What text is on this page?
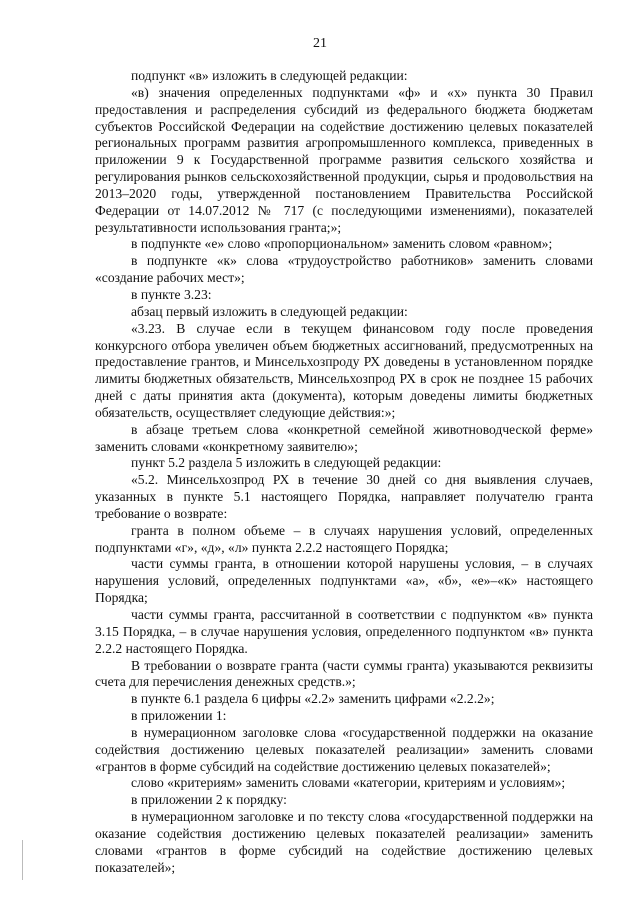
21

подпункт «в» изложить в следующей редакции:

«в) значения определенных подпунктами «ф» и «х» пункта 30 Правил предоставления и распределения субсидий из федерального бюджета бюджетам субъектов Российской Федерации на содействие достижению целевых показателей региональных программ развития агропромышленного комплекса, приведенных в приложении 9 к Государственной программе развития сельского хозяйства и регулирования рынков сельскохозяйственной продукции, сырья и продовольствия на 2013–2020 годы, утвержденной постановлением Правительства Российской Федерации от 14.07.2012 № 717 (с последующими изменениями), показателей результативности использования гранта;»;

в подпункте «е» слово «пропорциональном» заменить словом «равном»;

в подпункте «к» слова «трудоустройство работников» заменить словами «создание рабочих мест»;

в пункте 3.23:

абзац первый изложить в следующей редакции:

«3.23. В случае если в текущем финансовом году после проведения конкурсного отбора увеличен объем бюджетных ассигнований, предусмотренных на предоставление грантов, и Минсельхозпроду РХ доведены в установленном порядке лимиты бюджетных обязательств, Минсельхозпрод РХ в срок не позднее 15 рабочих дней с даты принятия акта (документа), которым доведены лимиты бюджетных обязательств, осуществляет следующие действия:»;

в абзаце третьем слова «конкретной семейной животноводческой ферме» заменить словами «конкретному заявителю»;

пункт 5.2 раздела 5 изложить в следующей редакции:

«5.2. Минсельхозпрод РХ в течение 30 дней со дня выявления случаев, указанных в пункте 5.1 настоящего Порядка, направляет получателю гранта требование о возврате:

гранта в полном объеме – в случаях нарушения условий, определенных подпунктами «г», «д», «л» пункта 2.2.2 настоящего Порядка;

части суммы гранта, в отношении которой нарушены условия, – в случаях нарушения условий, определенных подпунктами «а», «б», «е»–«к» настоящего Порядка;

части суммы гранта, рассчитанной в соответствии с подпунктом «в» пункта 3.15 Порядка, – в случае нарушения условия, определенного подпунктом «в» пункта 2.2.2 настоящего Порядка.

В требовании о возврате гранта (части суммы гранта) указываются реквизиты счета для перечисления денежных средств.»;

в пункте 6.1 раздела 6 цифры «2.2» заменить цифрами «2.2.2»;

в приложении 1:

в нумерационном заголовке слова «государственной поддержки на оказание содействия достижению целевых показателей реализации» заменить словами «грантов в форме субсидий на содействие достижению целевых показателей»;

слово «критериям» заменить словами «категории, критериям и условиям»;

в приложении 2 к порядку:

в нумерационном заголовке и по тексту слова «государственной поддержки на оказание содействия достижению целевых показателей реализации» заменить словами «грантов в форме субсидий на содействие достижению целевых показателей»;
